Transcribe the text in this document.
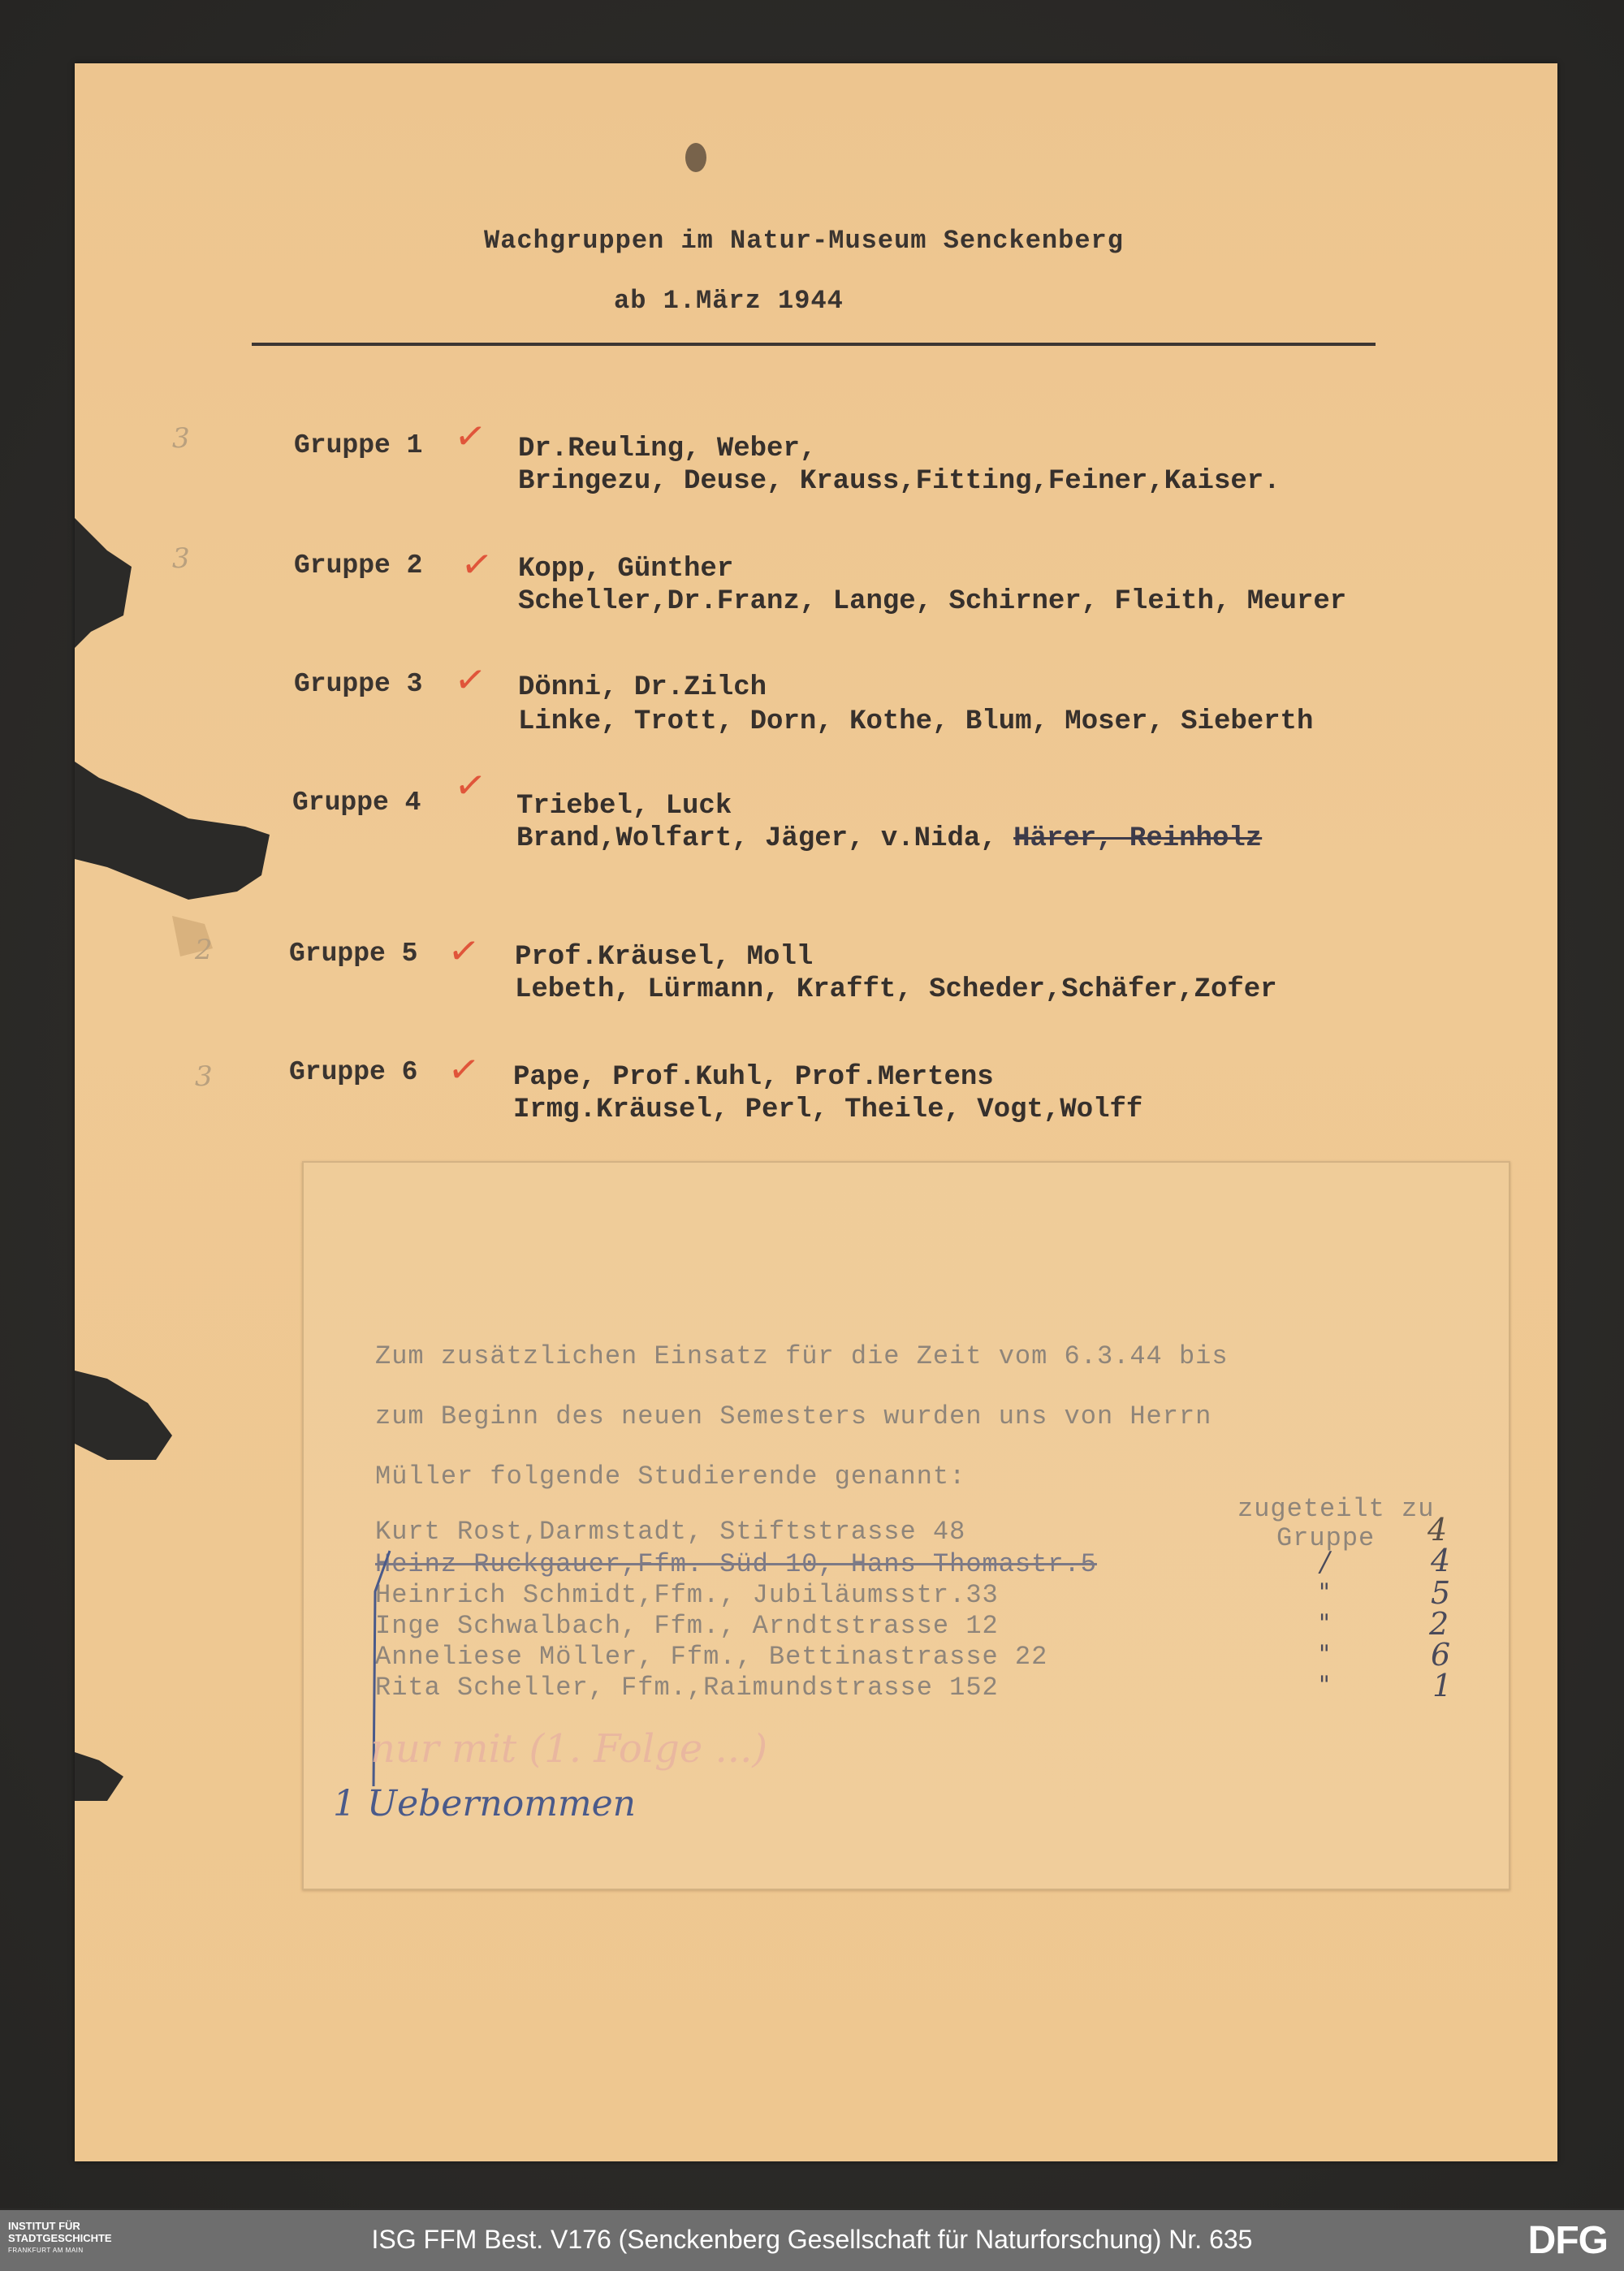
Wachgruppen im Natur-Museum Senckenberg
ab 1.März 1944
3	Gruppe 1 ✓ Dr.Reuling, Weber,
Bringezu, Deuse, Krauss,Fitting,Feiner,Kaiser.
3	Gruppe 2 ✓ Kopp, Günther
Scheller,Dr.Franz, Lange, Schirner, Fleith, Meurer
Gruppe 3 ✓ Dönni, Dr.Zilch
Linke, Trott, Dorn, Kothe, Blum, Moser, Sieberth
Gruppe 4 ✓ Triebel, Luck
Brand,Wolfart, Jäger, v.Nida, Härer, Reinholz
2	Gruppe 5 ✓ Prof.Kräusel, Moll
Lebeth, Lürmann, Krafft, Scheder,Schäfer,Zofer
3	Gruppe 6 ✓ Pape, Prof.Kuhl, Prof.Mertens
Irmg.Kräusel, Perl, Theile, Vogt,Wolff
Zum zusätzlichen Einsatz für die Zeit vom 6.3.44 bis
zum Beginn des neuen Semesters wurden uns von Herrn
Müller folgende Studierende genannt:
zugeteilt zu
Gruppe
Kurt Rost,Darmstadt, Stiftstrasse 48	4
Heinz Ruckgauer,Ffm.-Süd 10, Hans Thomastr.5	/	4
Heinrich Schmidt,Ffm., Jubiläumsstr.33	"	5
Inge Schwalbach, Ffm., Arndtstrasse 12	"	2
Anneliese Möller, Ffm., Bettinastrasse 22	"	6
Rita Scheller, Ffm.,Raimundstrasse 152	"	1
nur mit (1. Folge ...)
1 Uebernommen
INSTITUT FÜR
STADTGESCHICHTE
FRANKFURT AM MAIN	ISG FFM Best. V176 (Senckenberg Gesellschaft für Naturforschung) Nr. 635	DFG
